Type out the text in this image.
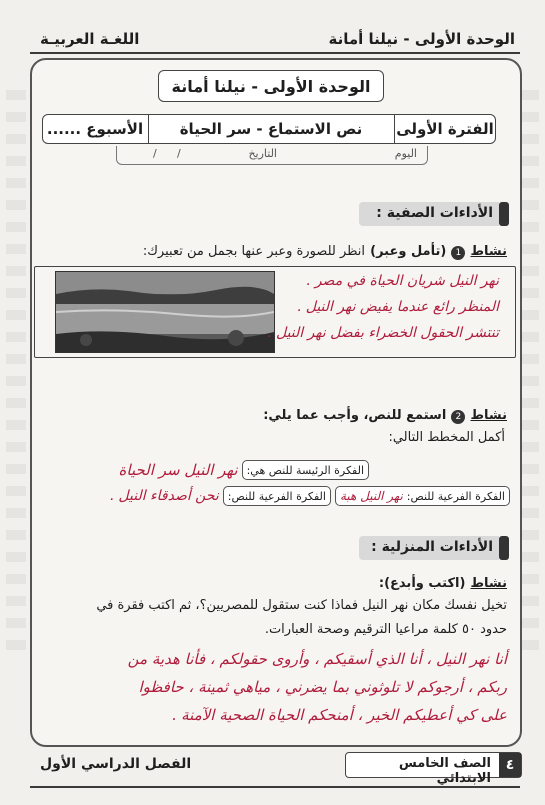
الوحدة الأولى - نيلنا أمانة
اللغـة العربيـة
الوحدة الأولى - نيلنا أمانة
الفترة الأولى
نص الاستماع - سر الحياة
الأسبوع ......
اليوم
التاريخ
/
/
الأداءات الصفية :
نشاط 1 (تأمل وعبر) انظر للصورة وعبر عنها بجمل من تعبيرك:
نهر النيل شريان الحياة في مصر .
المنظر رائع عندما يفيض نهر النيل .
تنتشر الحقول الخضراء بفضل نهر النيل .
نشاط 2 استمع للنص، وأجب عما يلي:
أكمل المخطط التالي:
الفكرة الرئيسة للنص هي:
نهر النيل سر الحياة
الفكرة الفرعية للنص:
نهر النيل هبة
الفكرة الفرعية للنص:
نحن أصدقاء النيل .
الأداءات المنزلية :
نشاط (اكتب وأبدع):
تخيل نفسك مكان نهر النيل فماذا كنت ستقول للمصريين؟، ثم اكتب فقرة في
حدود ٥٠ كلمة مراعيا الترقيم وصحة العبارات.
أنا نهر النيل ، أنا الذي أسقيكم ، وأروى حقولكم ، فأنا هدية من
ربكم ، أرجوكم لا تلوثوني بما يضرني ، مياهي ثمينة ، حافظوا
على كي أعطيكم الخير ، أمنحكم الحياة الصحية الآمنة .
٤
الصف الخامس الابتدائي
الفصل الدراسي الأول
